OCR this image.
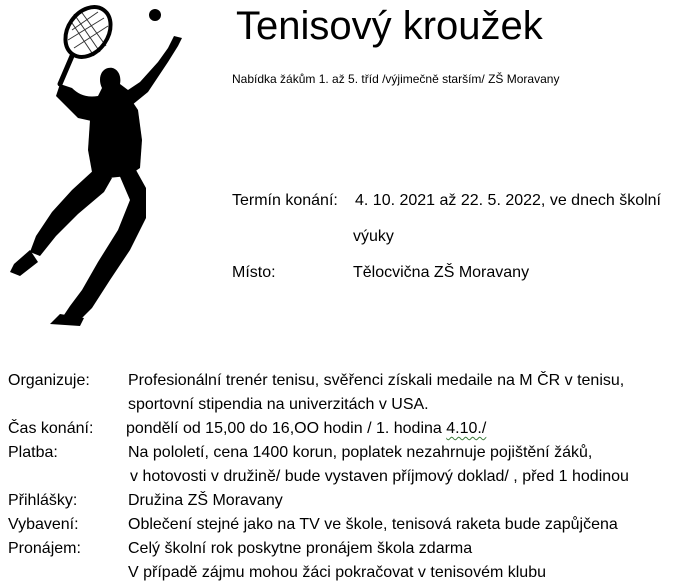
Tenisový kroužek
Nabídka žákům 1. až 5. tříd /výjimečně starším/ ZŠ Moravany
Termín konání: 4. 10. 2021 až 22. 5. 2022, ve dnech školní
výuky
Místo:	Tělocvična ZŠ Moravany
Organizuje: Profesionální trenér tenisu, svěřenci získali medaile na M ČR v tenisu,
sportovní stipendia na univerzitách v USA.
Čas konání: pondělí od 15,00 do 16,OO hodin / 1. hodina 4.10./
Platba:	Na pololetí, cena 1400 korun, poplatek nezahrnuje pojištění žáků,
v hotovosti v družině/ bude vystaven příjmový doklad/ , před 1 hodinou
Přihlášky:	Družina ZŠ Moravany
Vybavení:	Oblečení stejné jako na TV ve škole, tenisová raketa bude zapůjčena
Pronájem:	Celý školní rok poskytne pronájem škola zdarma
V případě zájmu mohou žáci pokračovat v tenisovém klubu
